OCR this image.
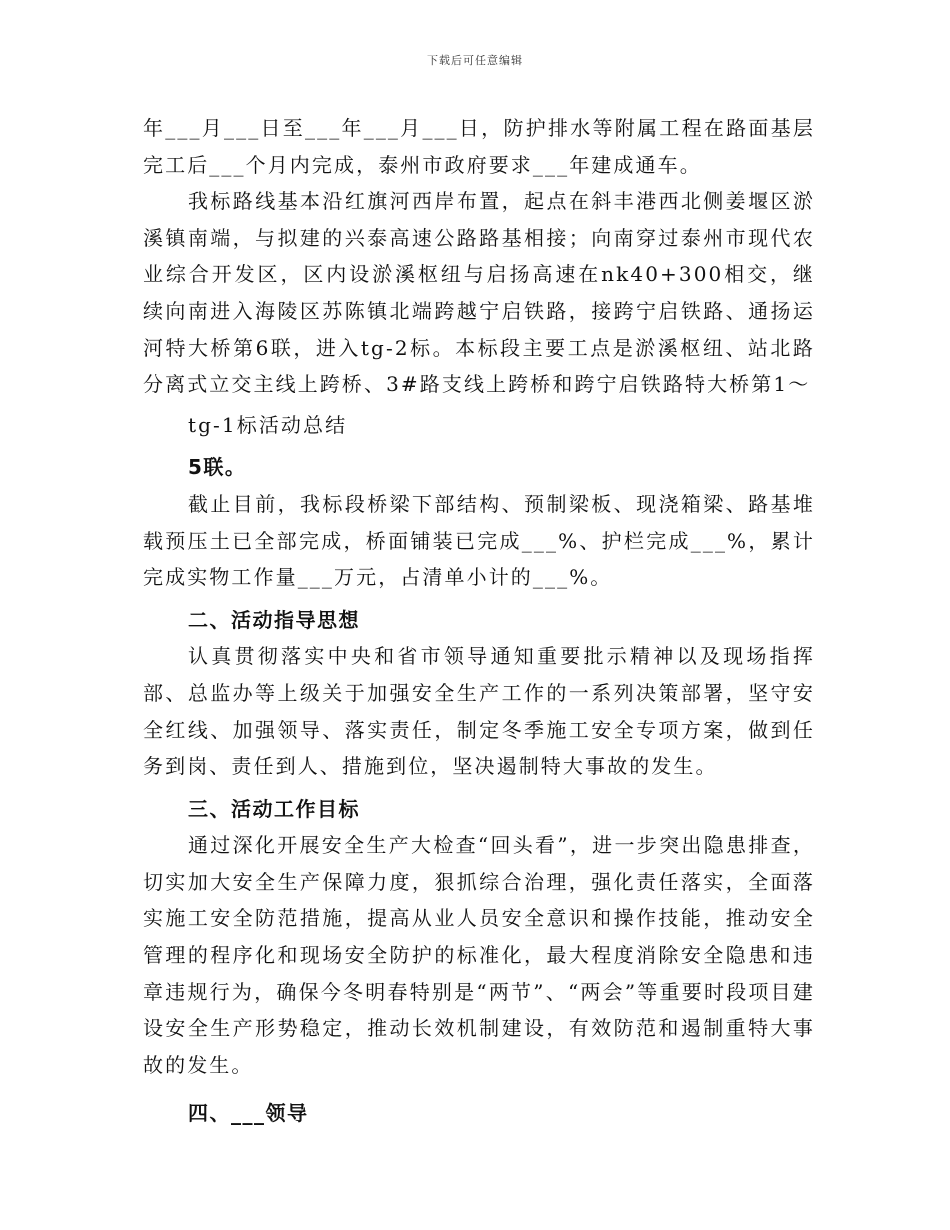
下载后可任意编辑

年___月___日至___年___月___日，防护排水等附属工程在路面基层完工后___个月内完成，泰州市政府要求___年建成通车。

我标路线基本沿红旗河西岸布置，起点在斜丰港西北侧姜堰区淤溪镇南端，与拟建的兴泰高速公路路基相接；向南穿过泰州市现代农业综合开发区，区内设淤溪枢纽与启扬高速在nk40+300相交，继续向南进入海陵区苏陈镇北端跨越宁启铁路，接跨宁启铁路、通扬运河特大桥第6联，进入tg-2标。本标段主要工点是淤溪枢纽、站北路分离式立交主线上跨桥、3#路支线上跨桥和跨宁启铁路特大桥第1～

tg-1标活动总结

5联。

截止目前，我标段桥梁下部结构、预制梁板、现浇箱梁、路基堆载预压土已全部完成，桥面铺装已完成___%、护栏完成___%，累计完成实物工作量___万元，占清单小计的___%。

二、活动指导思想

认真贯彻落实中央和省市领导通知重要批示精神以及现场指挥部、总监办等上级关于加强安全生产工作的一系列决策部署，坚守安全红线、加强领导、落实责任，制定冬季施工安全专项方案，做到任务到岗、责任到人、措施到位，坚决遏制特大事故的发生。

三、活动工作目标

通过深化开展安全生产大检查“回头看”，进一步突出隐患排查，切实加大安全生产保障力度，狠抓综合治理，强化责任落实，全面落实施工安全防范措施，提高从业人员安全意识和操作技能，推动安全管理的程序化和现场安全防护的标准化，最大程度消除安全隐患和违章违规行为，确保今冬明春特别是“两节”、“两会”等重要时段项目建设安全生产形势稳定，推动长效机制建设，有效防范和遏制重特大事故的发生。

四、___领导
